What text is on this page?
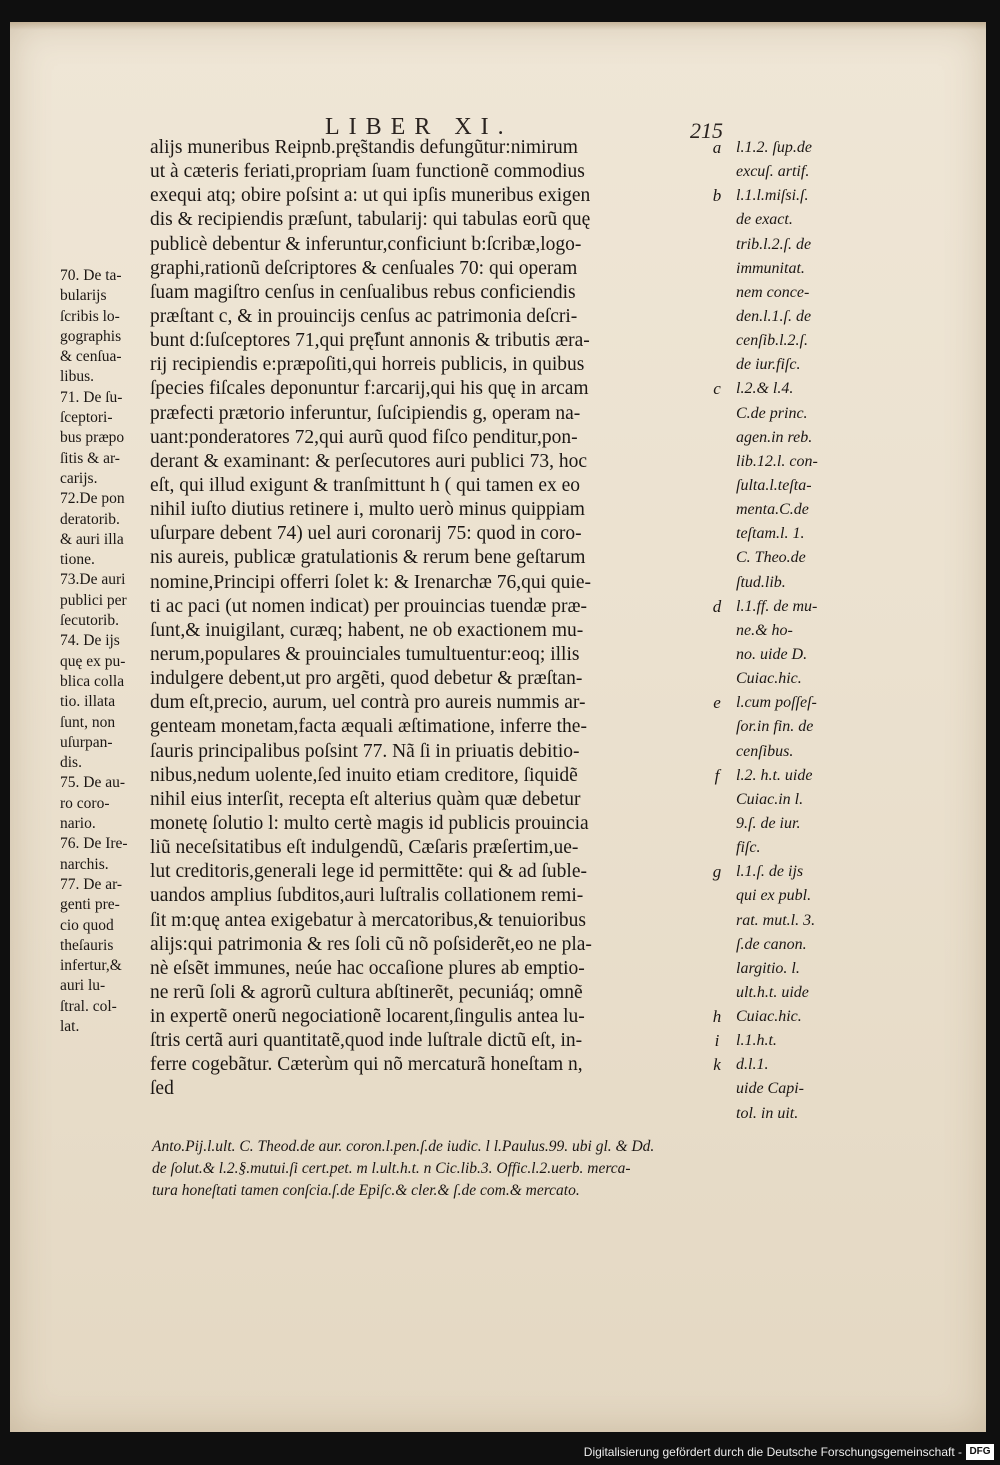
LIBER XI.	215
alijs muneribus Reipnb.prę̃standis defungũtur:nimirum
ut à cæteris feriati,propriam ſuam functionẽ commodius
exequi atq; obire poſsint a: ut qui ipſis muneribus exigen
dis & recipiendis præſunt, tabularij: qui tabulas eorũ quę
publicè debentur & inferuntur,conficiunt b:ſcribæ,logo-
graphi,rationũ deſcriptores & cenſuales 70: qui operam
ſuam magiſtro cenſus in cenſualibus rebus conficiendis
præſtant c, & in prouincijs cenſus ac patrimonia deſcri-
bunt d:ſuſceptores 71,qui prę̃ſunt annonis & tributis æra-
rij recipiendis e:præpoſiti,qui horreis publicis, in quibus
ſpecies fiſcales deponuntur f:arcarij,qui his quę in arcam
præfecti prætorio inferuntur, ſuſcipiendis g, operam na-
uant:ponderatores 72,qui aurũ quod fiſco penditur,pon-
derant & examinant: & perſecutores auri publici 73, hoc
eſt, qui illud exigunt & tranſmittunt h ( qui tamen ex eo
nihil iuſto diutius retinere i, multo uerò minus quippiam
uſurpare debent 74) uel auri coronarij 75: quod in coro-
nis aureis, publicæ gratulationis & rerum bene geſtarum
nomine,Principi offerri ſolet k: & Irenarchæ 76,qui quie-
ti ac paci (ut nomen indicat) per prouincias tuendæ præ-
ſunt,& inuigilant, curæq; habent, ne ob exactionem mu-
nerum,populares & prouinciales tumultuentur:eoq; illis
indulgere debent,ut pro argẽti, quod debetur & præſtan-
dum eſt,precio, aurum, uel contrà pro aureis nummis ar-
genteam monetam,facta æquali æſtimatione, inferre the-
ſauris principalibus poſsint 77. Nã ſi in priuatis debitio-
nibus,nedum uolente,ſed inuito etiam creditore, ſiquidẽ
nihil eius interſit, recepta eſt alterius quàm quæ debetur
monetę ſolutio l: multo certè magis id publicis prouincia
liũ neceſsitatibus eſt indulgendũ, Cæſaris præſertim,ue-
lut creditoris,generali lege id permittẽte: qui & ad ſuble-
uandos amplius ſubditos,auri luſtralis collationem remi-
ſit m:quę antea exigebatur à mercatoribus,& tenuioribus
alijs:qui patrimonia & res ſoli cũ nõ poſsiderẽt,eo ne pla-
nè eſsẽt immunes, neúe hac occaſione plures ab emptio-
ne rerũ ſoli & agrorũ cultura abſtinerẽt, pecuniáq; omnẽ
in expertẽ onerũ negociationẽ locarent,ſingulis antea lu-
ſtris certã auri quantitatẽ,quod inde luſtrale dictũ eſt, in-
ferre cogebãtur. Cæterùm qui nõ mercaturã honeſtam n,
ſed
a
b
c
d
e
f
g
h
i
k
l.1.2. ſup.de
excuſ. artif.
l.1.l.miſsi.ſ.
de exact.
trib.l.2.ſ. de
immunitat.
nem conce-
den.l.1.ſ. de
cenſib.l.2.ſ.
de iur.fiſc.
l.2.& l.4.
C.de princ.
agen.in reb.
lib.12.l. con-
ſulta.l.teſta-
menta.C.de
teſtam.l. 1.
C. Theo.de
ſtud.lib.
l.1.ff. de mu-
ne.& ho-
no. uide D.
Cuiac.hic.
l.cum poſſeſ-
ſor.in fin. de
cenſibus.
l.2. h.t. uide
Cuiac.in l.
9.ſ. de iur.
fiſc.
l.1.ſ. de ijs
qui ex publ.
rat. mut.l. 3.
ſ.de canon.
largitio. l.
ult.h.t. uide
Cuiac.hic.
l.1.h.t.
d.l.1.
uide Capi-
tol. in uit.
70. De ta-
bularijs
ſcribis lo-
gographis
& cenſua-
libus.
71. De ſu-
ſceptori-
bus præpo
ſitis & ar-
carijs.
72.De pon
deratorib.
& auri illa
tione.
73.De auri
publici per
ſecutorib.
74. De ijs
quę ex pu-
blica colla
tio. illata
ſunt, non
uſurpan-
dis.
75. De au-
ro coro-
nario.
76. De Ire-
narchis.
77. De ar-
genti pre-
cio quod
theſauris
infertur,&
auri lu-
ſtral. col-
lat.
Anto.Pij.l.ult. C. Theod.de aur. coron.l.pen.ſ.de iudic. l l.Paulus.99. ubi gl. & Dd.
de ſolut.& l.2.§.mutui.ſi cert.pet. m l.ult.h.t. n Cic.lib.3. Offic.l.2.uerb. merca-
tura honeſtati tamen conſcia.ſ.de Epiſc.& cler.& ſ.de com.& mercato.
Digitalisierung gefördert durch die Deutsche Forschungsgemeinschaft - DFG
